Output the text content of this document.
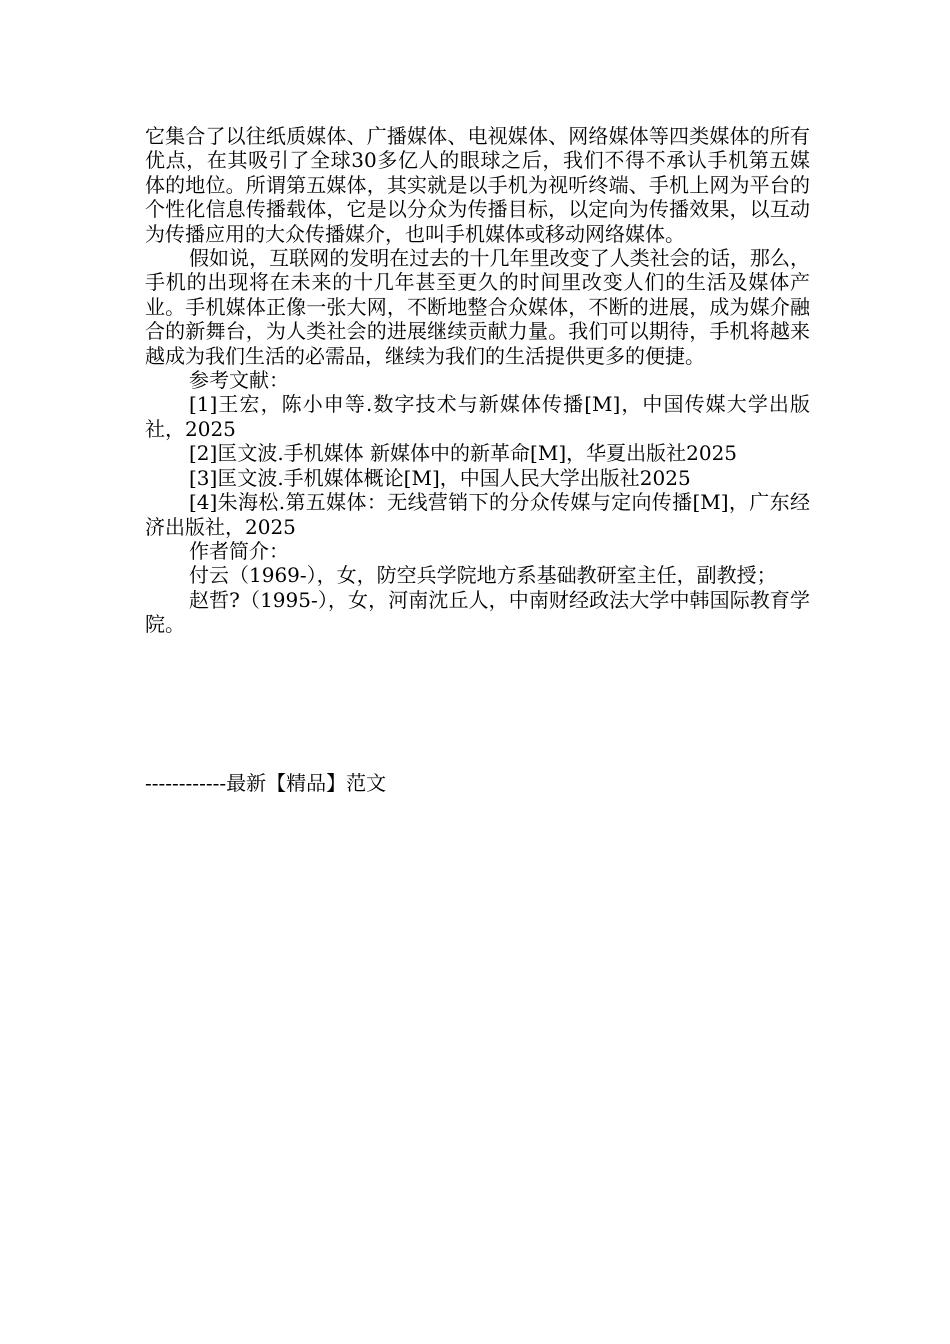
它集合了以往纸质媒体、广播媒体、电视媒体、网络媒体等四类媒体的所有优点，在其吸引了全球30多亿人的眼球之后，我们不得不承认手机第五媒体的地位。所谓第五媒体，其实就是以手机为视听终端、手机上网为平台的个性化信息传播载体，它是以分众为传播目标，以定向为传播效果，以互动为传播应用的大众传播媒介，也叫手机媒体或移动网络媒体。

假如说，互联网的发明在过去的十几年里改变了人类社会的话，那么，手机的出现将在未来的十几年甚至更久的时间里改变人们的生活及媒体产业。手机媒体正像一张大网，不断地整合众媒体，不断的进展，成为媒介融合的新舞台，为人类社会的进展继续贡献力量。我们可以期待，手机将越来越成为我们生活的必需品，继续为我们的生活提供更多的便捷。

参考文献：

[1]王宏，陈小申等.数字技术与新媒体传播[M]，中国传媒大学出版社，2025

[2]匡文波.手机媒体 新媒体中的新革命[M]，华夏出版社2025

[3]匡文波.手机媒体概论[M]，中国人民大学出版社2025

[4]朱海松.第五媒体：无线营销下的分众传媒与定向传播[M]，广东经济出版社，2025

作者简介：

付云（1969-），女，防空兵学院地方系基础教研室主任，副教授；

赵哲?（1995-），女，河南沈丘人，中南财经政法大学中韩国际教育学院。

------------最新【精品】范文
